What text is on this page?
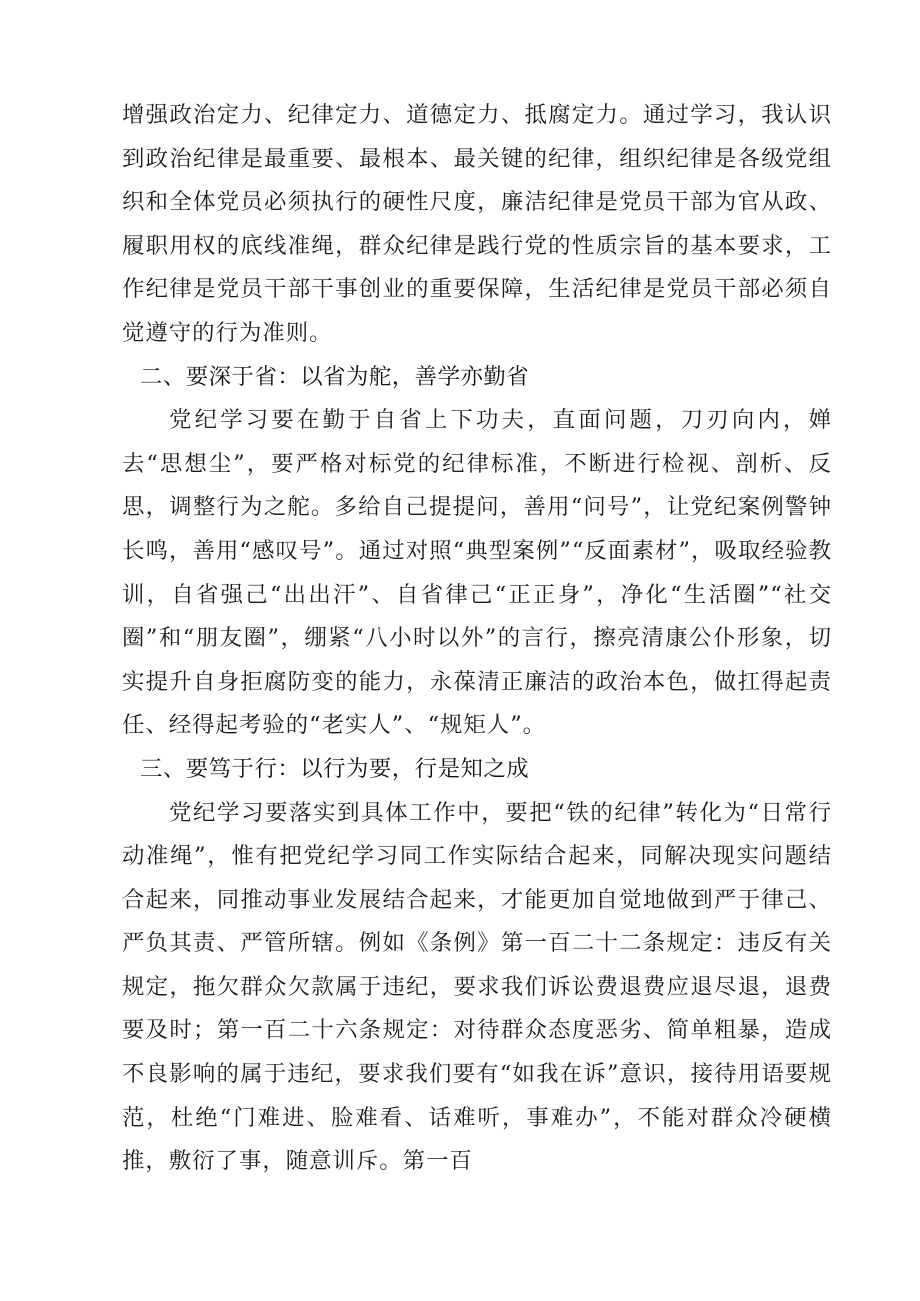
增强政治定力、纪律定力、道德定力、抵腐定力。通过学习，我认识到政治纪律是最重要、最根本、最关键的纪律，组织纪律是各级党组织和全体党员必须执行的硬性尺度，廉洁纪律是党员干部为官从政、履职用权的底线准绳，群众纪律是践行党的性质宗旨的基本要求，工作纪律是党员干部干事创业的重要保障，生活纪律是党员干部必须自觉遵守的行为准则。

二、要深于省：以省为舵，善学亦勤省

党纪学习要在勤于自省上下功夫，直面问题，刀刃向内，婵去“思想尘”，要严格对标党的纪律标准，不断进行检视、剖析、反思，调整行为之舵。多给自己提提问，善用“问号”，让党纪案例警钟长鸣，善用“感叹号”。通过对照“典型案例”“反面素材”，吸取经验教训，自省强己“出出汗”、自省律己“正正身”，净化“生活圈”“社交圈”和“朋友圈”，绷紧“八小时以外”的言行，擦亮清康公仆形象，切实提升自身拒腐防变的能力，永葆清正廉洁的政治本色，做扛得起责任、经得起考验的“老实人”、“规矩人”。

三、要笃于行：以行为要，行是知之成

党纪学习要落实到具体工作中，要把“铁的纪律”转化为“日常行动准绳”，惟有把党纪学习同工作实际结合起来，同解决现实问题结合起来，同推动事业发展结合起来，才能更加自觉地做到严于律己、严负其责、严管所辖。例如《条例》第一百二十二条规定：违反有关规定，拖欠群众欠款属于违纪，要求我们诉讼费退费应退尽退，退费要及时；第一百二十六条规定：对待群众态度恶劣、简单粗暴，造成不良影响的属于违纪，要求我们要有“如我在诉”意识，接待用语要规范，杜绝“门难进、脸难看、话难听，事难办”，不能对群众冷硬横推，敷衍了事，随意训斥。第一百
